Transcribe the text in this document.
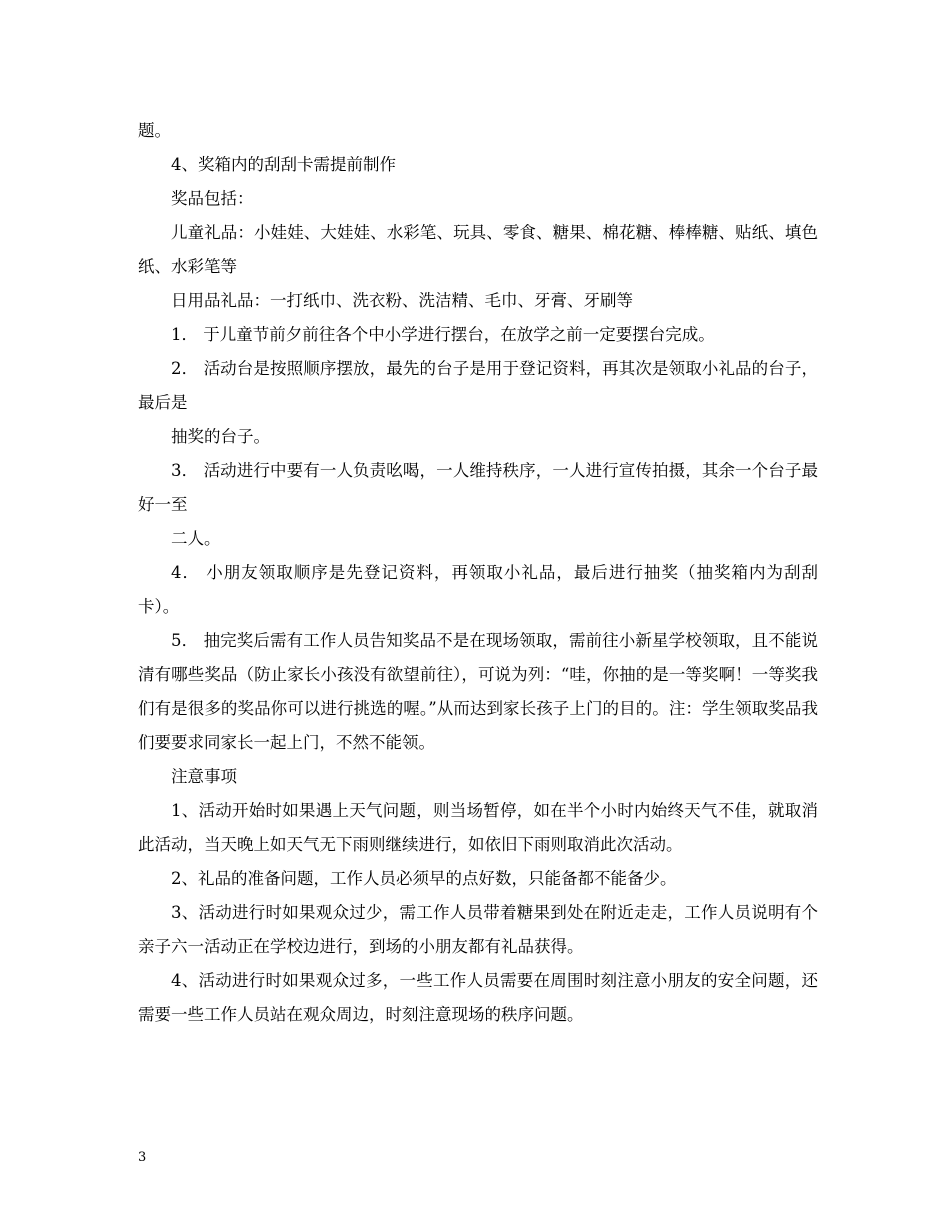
题。

4、奖箱内的刮刮卡需提前制作

奖品包括：

儿童礼品：小娃娃、大娃娃、水彩笔、玩具、零食、糖果、棉花糖、棒棒糖、贴纸、填色纸、水彩笔等

日用品礼品：一打纸巾、洗衣粉、洗洁精、毛巾、牙膏、牙刷等

1． 于儿童节前夕前往各个中小学进行摆台，在放学之前一定要摆台完成。

2． 活动台是按照顺序摆放，最先的台子是用于登记资料，再其次是领取小礼品的台子，最后是

抽奖的台子。

3． 活动进行中要有一人负责吆喝，一人维持秩序，一人进行宣传拍摄，其余一个台子最好一至

二人。

4． 小朋友领取顺序是先登记资料，再领取小礼品，最后进行抽奖（抽奖箱内为刮刮卡）。

5． 抽完奖后需有工作人员告知奖品不是在现场领取，需前往小新星学校领取，且不能说清有哪些奖品（防止家长小孩没有欲望前往），可说为列：“哇，你抽的是一等奖啊！一等奖我们有是很多的奖品你可以进行挑选的喔。”从而达到家长孩子上门的目的。注：学生领取奖品我们要要求同家长一起上门，不然不能领。

注意事项

1、活动开始时如果遇上天气问题，则当场暂停，如在半个小时内始终天气不佳，就取消此活动，当天晚上如天气无下雨则继续进行，如依旧下雨则取消此次活动。

2、礼品的准备问题，工作人员必须早的点好数，只能备都不能备少。

3、活动进行时如果观众过少，需工作人员带着糖果到处在附近走走，工作人员说明有个亲子六一活动正在学校边进行，到场的小朋友都有礼品获得。

4、活动进行时如果观众过多，一些工作人员需要在周围时刻注意小朋友的安全问题，还需要一些工作人员站在观众周边，时刻注意现场的秩序问题。

3
